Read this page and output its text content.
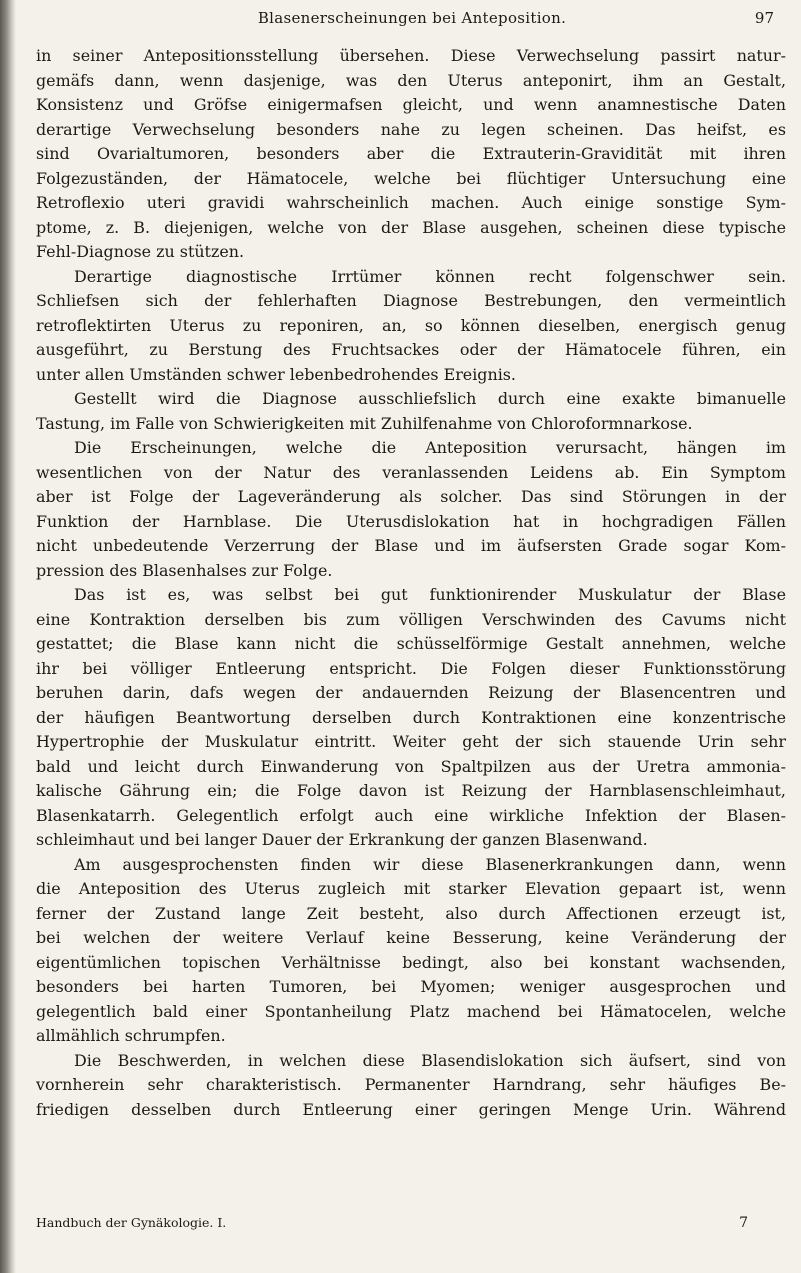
Blasenerscheinungen bei Anteposition.	97
in seiner Antepositionsstellung übersehen. Diese Verwechselung passirt natur-
gemäfs dann, wenn dasjenige, was den Uterus anteponirt, ihm an Gestalt,
Konsistenz und Gröfse einigermafsen gleicht, und wenn anamnestische Daten
derartige Verwechselung besonders nahe zu legen scheinen. Das heifst, es
sind Ovarialtumoren, besonders aber die Extrauterin-Gravidität mit ihren
Folgezuständen, der Hämatocele, welche bei flüchtiger Untersuchung eine
Retroflexio uteri gravidi wahrscheinlich machen. Auch einige sonstige Sym-
ptome, z. B. diejenigen, welche von der Blase ausgehen, scheinen diese typische
Fehl-Diagnose zu stützen.
Derartige diagnostische Irrtümer können recht folgenschwer sein.
Schliefsen sich der fehlerhaften Diagnose Bestrebungen, den vermeintlich
retroflektirten Uterus zu reponiren, an, so können dieselben, energisch genug
ausgeführt, zu Berstung des Fruchtsackes oder der Hämatocele führen, ein
unter allen Umständen schwer lebenbedrohendes Ereignis.
Gestellt wird die Diagnose ausschliefslich durch eine exakte bimanuelle
Tastung, im Falle von Schwierigkeiten mit Zuhilfenahme von Chloroformnarkose.
Die Erscheinungen, welche die Anteposition verursacht, hängen im
wesentlichen von der Natur des veranlassenden Leidens ab. Ein Symptom
aber ist Folge der Lageveränderung als solcher. Das sind Störungen in der
Funktion der Harnblase. Die Uterusdislokation hat in hochgradigen Fällen
nicht unbedeutende Verzerrung der Blase und im äufsersten Grade sogar Kom-
pression des Blasenhalses zur Folge.
Das ist es, was selbst bei gut funktionirender Muskulatur der Blase
eine Kontraktion derselben bis zum völligen Verschwinden des Cavums nicht
gestattet; die Blase kann nicht die schüsselförmige Gestalt annehmen, welche
ihr bei völliger Entleerung entspricht. Die Folgen dieser Funktionsstörung
beruhen darin, dafs wegen der andauernden Reizung der Blasencentren und
der häufigen Beantwortung derselben durch Kontraktionen eine konzentrische
Hypertrophie der Muskulatur eintritt. Weiter geht der sich stauende Urin sehr
bald und leicht durch Einwanderung von Spaltpilzen aus der Uretra ammonia-
kalische Gährung ein; die Folge davon ist Reizung der Harnblasenschleimhaut,
Blasenkatarrh. Gelegentlich erfolgt auch eine wirkliche Infektion der Blasen-
schleimhaut und bei langer Dauer der Erkrankung der ganzen Blasenwand.
Am ausgesprochensten finden wir diese Blasenerkrankungen dann, wenn
die Anteposition des Uterus zugleich mit starker Elevation gepaart ist, wenn
ferner der Zustand lange Zeit besteht, also durch Affectionen erzeugt ist,
bei welchen der weitere Verlauf keine Besserung, keine Veränderung der
eigentümlichen topischen Verhältnisse bedingt, also bei konstant wachsenden,
besonders bei harten Tumoren, bei Myomen; weniger ausgesprochen und
gelegentlich bald einer Spontanheilung Platz machend bei Hämatocelen, welche
allmählich schrumpfen.
Die Beschwerden, in welchen diese Blasendislokation sich äufsert, sind von
vornherein sehr charakteristisch. Permanenter Harndrang, sehr häufiges Be-
friedigen desselben durch Entleerung einer geringen Menge Urin. Während
Handbuch der Gynäkologie. I.	7
